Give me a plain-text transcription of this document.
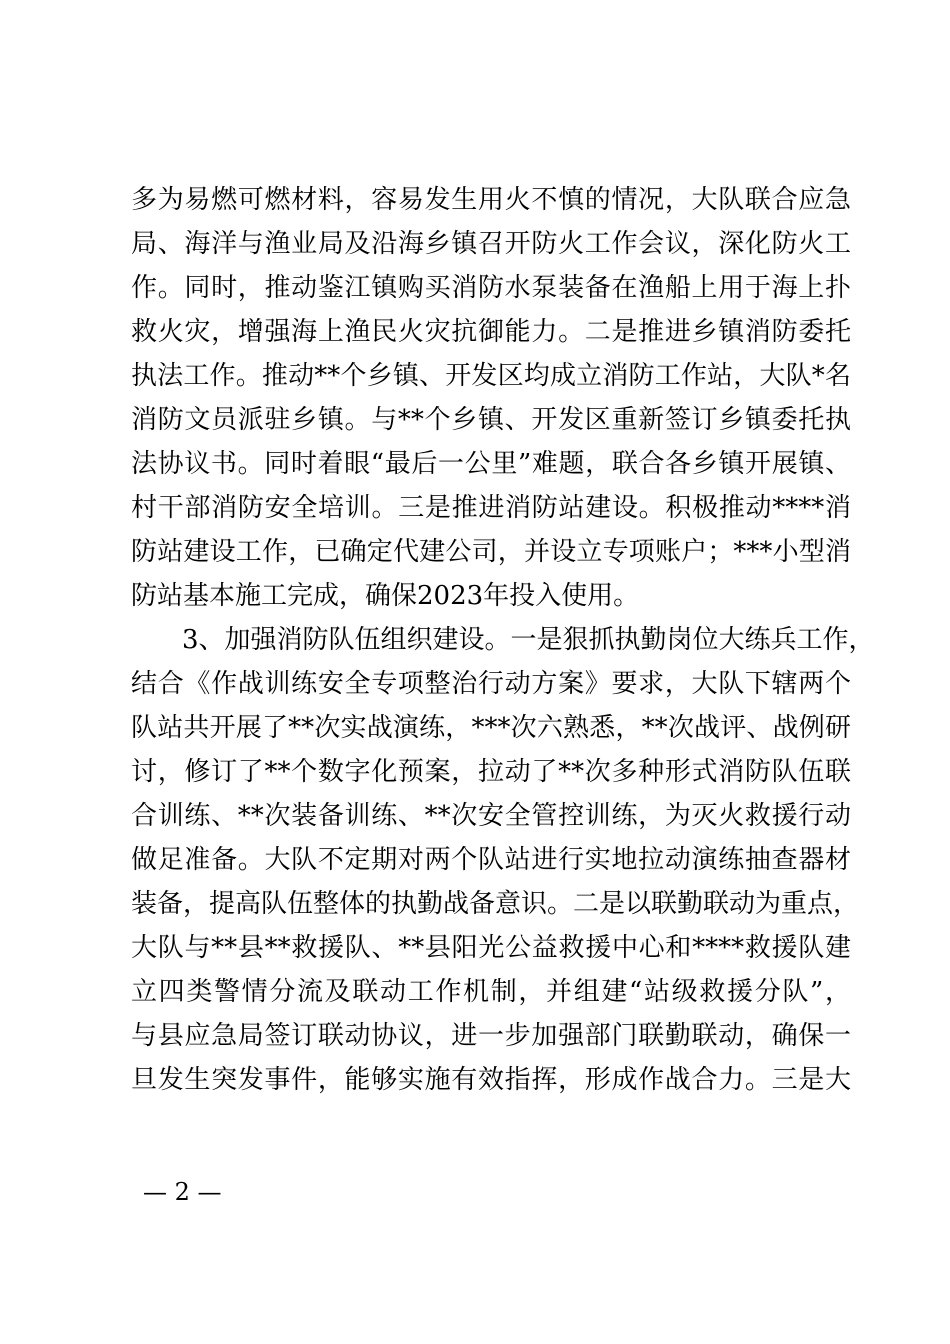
多为易燃可燃材料，容易发生用火不慎的情况，大队联合应急
局、海洋与渔业局及沿海乡镇召开防火工作会议，深化防火工
作。同时，推动鉴江镇购买消防水泵装备在渔船上用于海上扑
救火灾，增强海上渔民火灾抗御能力。二是推进乡镇消防委托
执法工作。推动**个乡镇、开发区均成立消防工作站，大队*名
消防文员派驻乡镇。与**个乡镇、开发区重新签订乡镇委托执
法协议书。同时着眼“最后一公里”难题，联合各乡镇开展镇、
村干部消防安全培训。三是推进消防站建设。积极推动****消
防站建设工作，已确定代建公司，并设立专项账户；***小型消
防站基本施工完成，确保2023年投入使用。
3、加强消防队伍组织建设。一是狠抓执勤岗位大练兵工作，
结合《作战训练安全专项整治行动方案》要求，大队下辖两个
队站共开展了**次实战演练，***次六熟悉，**次战评、战例研
讨，修订了**个数字化预案，拉动了**次多种形式消防队伍联
合训练、**次装备训练、**次安全管控训练，为灭火救援行动
做足准备。大队不定期对两个队站进行实地拉动演练抽查器材
装备，提高队伍整体的执勤战备意识。二是以联勤联动为重点，
大队与**县**救援队、**县阳光公益救援中心和****救援队建
立四类警情分流及联动工作机制，并组建“站级救援分队”，
与县应急局签订联动协议，进一步加强部门联勤联动，确保一
旦发生突发事件，能够实施有效指挥，形成作战合力。三是大
— 2 —
